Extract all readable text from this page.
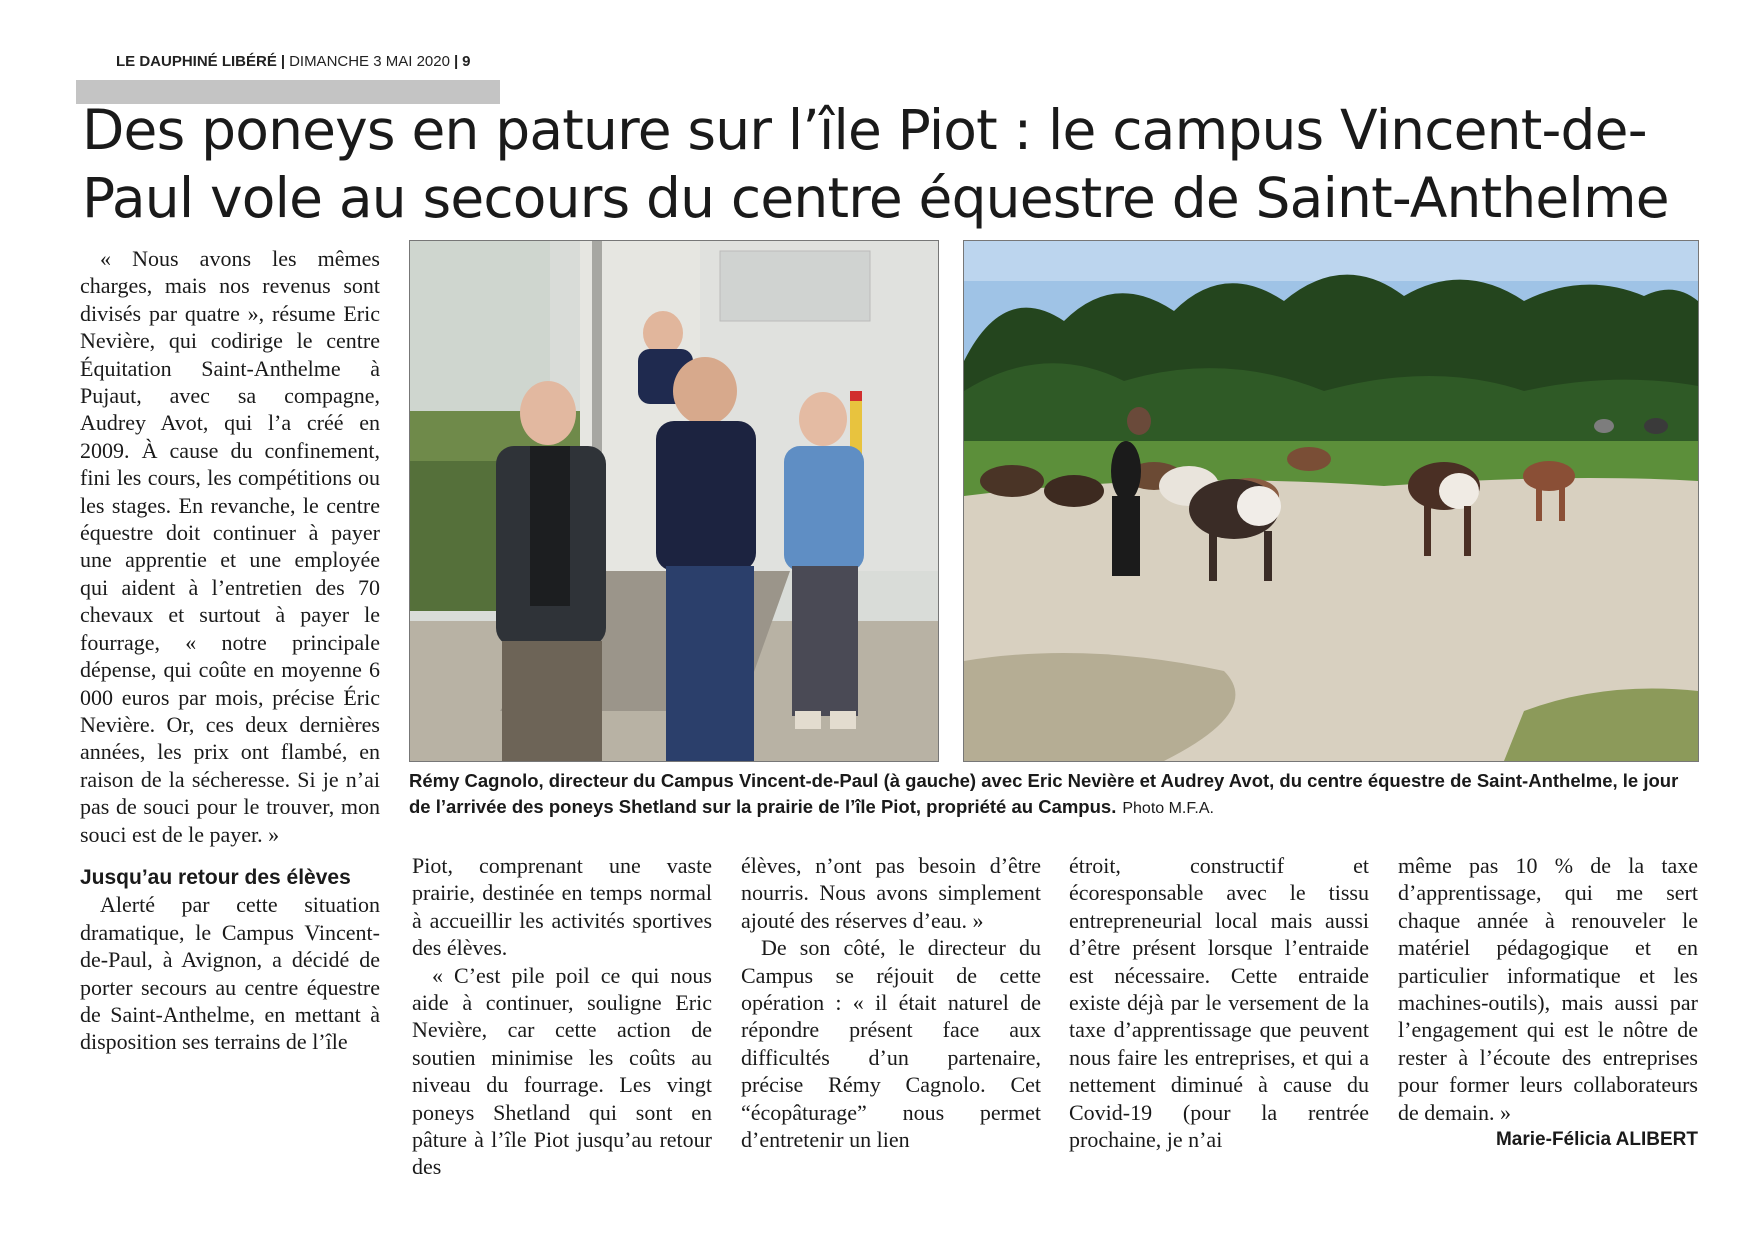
LE DAUPHINÉ LIBÉRÉ | DIMANCHE 3 MAI 2020 | 9
Des poneys en pature sur l’île Piot : le campus Vincent-de-Paul vole au secours du centre équestre de Saint-Anthelme

« Nous avons les mêmes charges, mais nos revenus sont divisés par quatre », résume Eric Nevière, qui codirige le centre Équitation Saint-Anthelme à Pujaut, avec sa compagne, Audrey Avot, qui l’a créé en 2009. À cause du confinement, fini les cours, les compétitions ou les stages. En revanche, le centre équestre doit continuer à payer une apprentie et une employée qui aident à l’entretien des 70 chevaux et surtout à payer le fourrage, « notre principale dépense, qui coûte en moyenne 6 000 euros par mois, précise Éric Nevière. Or, ces deux dernières années, les prix ont flambé, en raison de la sécheresse. Si je n’ai pas de souci pour le trouver, mon souci est de le payer. »

Jusqu’au retour des élèves

Alerté par cette situation dramatique, le Campus Vincent-de-Paul, à Avignon, a décidé de porter secours au centre équestre de Saint-Anthelme, en mettant à disposition ses terrains de l’île

Rémy Cagnolo, directeur du Campus Vincent-de-Paul (à gauche) avec Eric Nevière et Audrey Avot, du centre équestre de Saint-Anthelme, le jour de l’arrivée des poneys Shetland sur la prairie de l’île Piot, propriété au Campus. Photo M.F.A.

Piot, comprenant une vaste prairie, destinée en temps normal à accueillir les activités sportives des élèves.

« C’est pile poil ce qui nous aide à continuer, souligne Eric Nevière, car cette action de soutien minimise les coûts au niveau du fourrage. Les vingt poneys Shetland qui sont en pâture à l’île Piot jusqu’au retour des

élèves, n’ont pas besoin d’être nourris. Nous avons simplement ajouté des réserves d’eau. »

De son côté, le directeur du Campus se réjouit de cette opération : « il était naturel de répondre présent face aux difficultés d’un partenaire, précise Rémy Cagnolo. Cet “écopâturage” nous permet d’entretenir un lien

étroit, constructif et écoresponsable avec le tissu entrepreneurial local mais aussi d’être présent lorsque l’entraide est nécessaire. Cette entraide existe déjà par le versement de la taxe d’apprentissage que peuvent nous faire les entreprises, et qui a nettement diminué à cause du Covid-19 (pour la rentrée prochaine, je n’ai

même pas 10 % de la taxe d’apprentissage, qui me sert chaque année à renouveler le matériel pédagogique et en particulier informatique et les machines-outils), mais aussi par l’engagement qui est le nôtre de rester à l’écoute des entreprises pour former leurs collaborateurs de demain. »

Marie-Félicia ALIBERT
